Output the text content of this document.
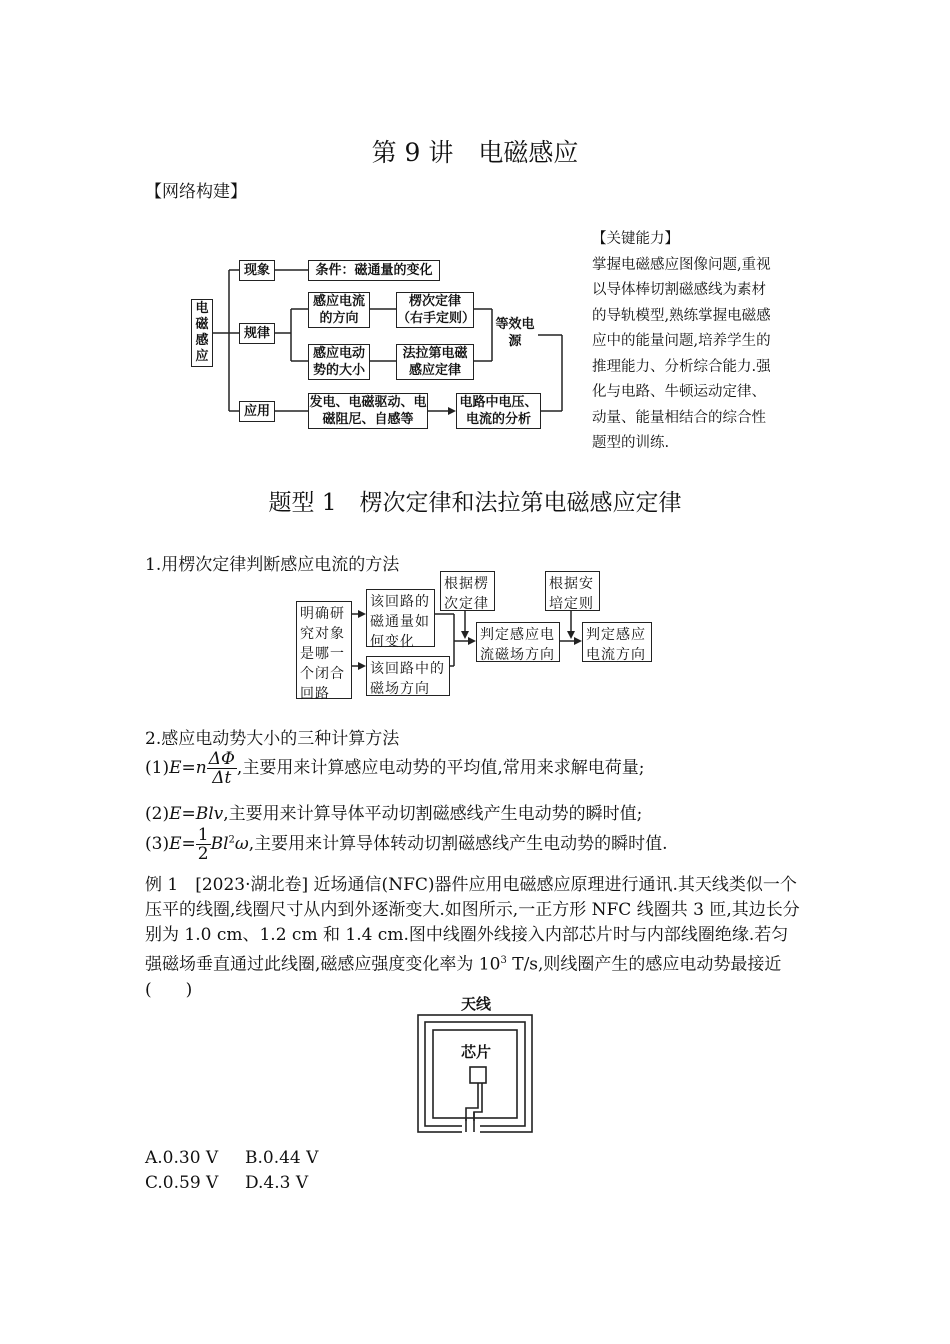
第 9 讲　电磁感应
【网络构建】
电磁感应
现象
规律
应用
条件：磁通量的变化
感应电流的方向
楞次定律（右手定则）
感应电动势的大小
法拉第电磁感应定律
等效电源
发电、电磁驱动、电磁阻尼、自感等
电路中电压、电流的分析
【关键能力】
掌握电磁感应图像问题,重视以导体棒切割磁感线为素材的导轨模型,熟练掌握电磁感应中的能量问题,培养学生的推理能力、分析综合能力.强化与电路、牛顿运动定律、动量、能量相结合的综合性题型的训练.
题型 1　楞次定律和法拉第电磁感应定律
1.用楞次定律判断感应电流的方法
明确研究对象是哪一个闭合回路
该回路的磁通量如何变化
该回路中的磁场方向
根据楞次定律
判定感应电流磁场方向
根据安培定则
判定感应电流方向
2.感应电动势大小的三种计算方法
$(1)E=n \frac{\Delta\Phi}{\Delta t}$ ,主要用来计算感应电动势的平均值,常用来求解电荷量;
(2)E=Blv,主要用来计算导体平动切割磁感线产生电动势的瞬时值;
$(3)E= \frac{1}{2} Bl^2\omega$,主要用来计算导体转动切割磁感线产生电动势的瞬时值.
例 1　[2023·湖北卷] 近场通信(NFC)器件应用电磁感应原理进行通讯.其天线类似一个压平的线圈,线圈尺寸从内到外逐渐变大.如图所示,一正方形 NFC 线圈共 3 匝,其边长分别为 1.0 cm、1.2 cm 和 1.4 cm.图中线圈外线接入内部芯片时与内部线圈绝缘.若匀强磁场垂直通过此线圈,磁感应强度变化率为 $10^3$ T/s,则线圈产生的感应电动势最接近　(　　)
天线
芯片
A.0.30 V B.0.44 V
C.0.59 V D.4.3 V
